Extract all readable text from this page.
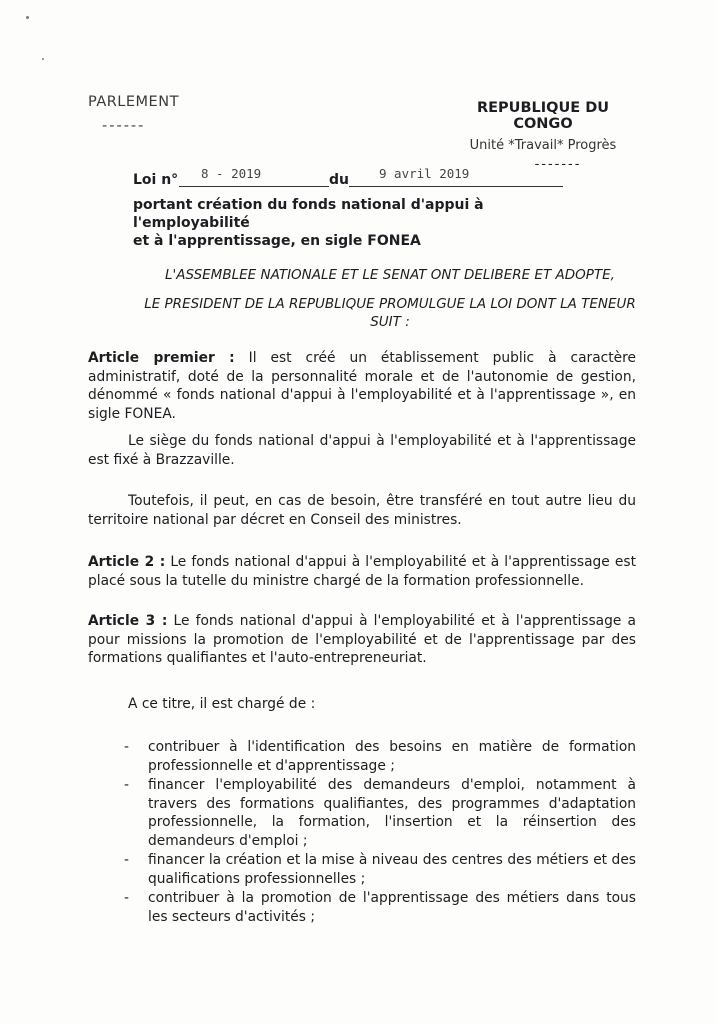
PARLEMENT
------
REPUBLIQUE DU CONGO
Unité *Travail* Progrès
-------
Loi n° 8 - 2019	du 9 avril 2019
portant création du fonds national d'appui à l'employabilité
et à l'apprentissage, en sigle FONEA
L'ASSEMBLEE NATIONALE ET LE SENAT ONT DELIBERE ET ADOPTE,
LE PRESIDENT DE LA REPUBLIQUE PROMULGUE LA LOI DONT LA TENEUR SUIT :
Article premier : Il est créé un établissement public à caractère administratif, doté de la personnalité morale et de l'autonomie de gestion, dénommé « fonds national d'appui à l'employabilité et à l'apprentissage », en sigle FONEA.
Le siège du fonds national d'appui à l'employabilité et à l'apprentissage est fixé à Brazzaville.
Toutefois, il peut, en cas de besoin, être transféré en tout autre lieu du territoire national par décret en Conseil des ministres.
Article 2 : Le fonds national d'appui à l'employabilité et à l'apprentissage est placé sous la tutelle du ministre chargé de la formation professionnelle.
Article 3 : Le fonds national d'appui à l'employabilité et à l'apprentissage a pour missions la promotion de l'employabilité et de l'apprentissage par des formations qualifiantes et l'auto-entrepreneuriat.
A ce titre, il est chargé de :
- contribuer à l'identification des besoins en matière de formation professionnelle et d'apprentissage ;
- financer l'employabilité des demandeurs d'emploi, notamment à travers des formations qualifiantes, des programmes d'adaptation professionnelle, la formation, l'insertion et la réinsertion des demandeurs d'emploi ;
- financer la création et la mise à niveau des centres des métiers et des qualifications professionnelles ;
- contribuer à la promotion de l'apprentissage des métiers dans tous les secteurs d'activités ;
